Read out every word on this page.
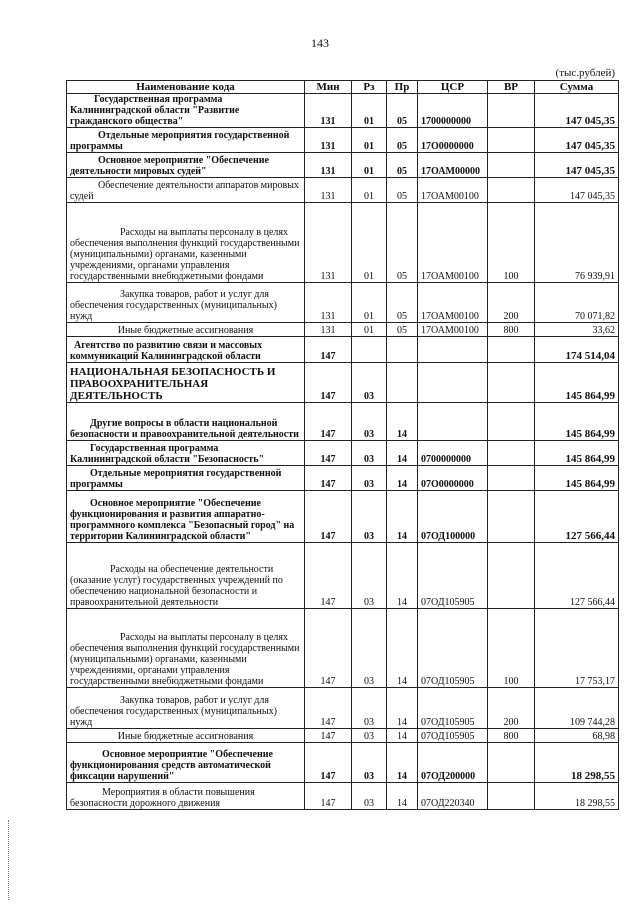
143
(тыс.рублей)
Наименование кода	Мин	Рз	Пр	ЦСР	ВР	Сумма
Государственная программа Калининградской области "Развитие гражданского общества"	131	01	05	1700000000		147 045,35
Отдельные мероприятия государственной программы	131	01	05	17О0000000		147 045,35
Основное мероприятие "Обеспечение деятельности мировых судей"	131	01	05	17ОАМ00000		147 045,35
Обеспечение деятельности аппаратов мировых судей	131	01	05	17ОАМ00100		147 045,35
Расходы на выплаты персоналу в целях обеспечения выполнения функций государственными (муниципальными) органами, казенными учреждениями, органами управления государственными внебюджетными фондами	131	01	05	17ОАМ00100	100	76 939,91
Закупка товаров, работ и услуг для обеспечения государственных (муниципальных) нужд	131	01	05	17ОАМ00100	200	70 071,82

Иные бюджетные ассигнования	131	01	05	17ОАМ00100	800	33,62
Агентство по развитию связи и массовых коммуникаций Калининградской области	147					174 514,04
НАЦИОНАЛЬНАЯ БЕЗОПАСНОСТЬ И ПРАВООХРАНИТЕЛЬНАЯ ДЕЯТЕЛЬНОСТЬ	147	03				145 864,99
Другие вопросы в области национальной безопасности и правоохранительной деятельности	147	03	14			145 864,99
Государственная программа Калининградской области "Безопасность"	147	03	14	0700000000		145 864,99
Отдельные мероприятия государственной программы	147	03	14	07О0000000		145 864,99
Основное мероприятие "Обеспечение функционирования и развития аппаратно-программного комплекса "Безопасный город" на территории Калининградской области"	147	03	14	07ОД100000		127 566,44
Расходы на обеспечение деятельности (оказание услуг) государственных учреждений по обеспечению национальной безопасности и правоохранительной деятельности	147	03	14	07ОД105905		127 566,44
Расходы на выплаты персоналу в целях обеспечения выполнения функций государственными (муниципальными) органами, казенными учреждениями, органами управления государственными внебюджетными фондами	147	03	14	07ОД105905	100	17 753,17
Закупка товаров, работ и услуг для обеспечения государственных (муниципальных) нужд	147	03	14	07ОД105905	200	109 744,28

Иные бюджетные ассигнования	147	03	14	07ОД105905	800	68,98
Основное мероприятие "Обеспечение функционирования средств автоматической фиксации нарушений"	147	03	14	07ОД200000		18 298,55
Мероприятия в области повышения безопасности дорожного движения	147	03	14	07ОД220340		18 298,55
